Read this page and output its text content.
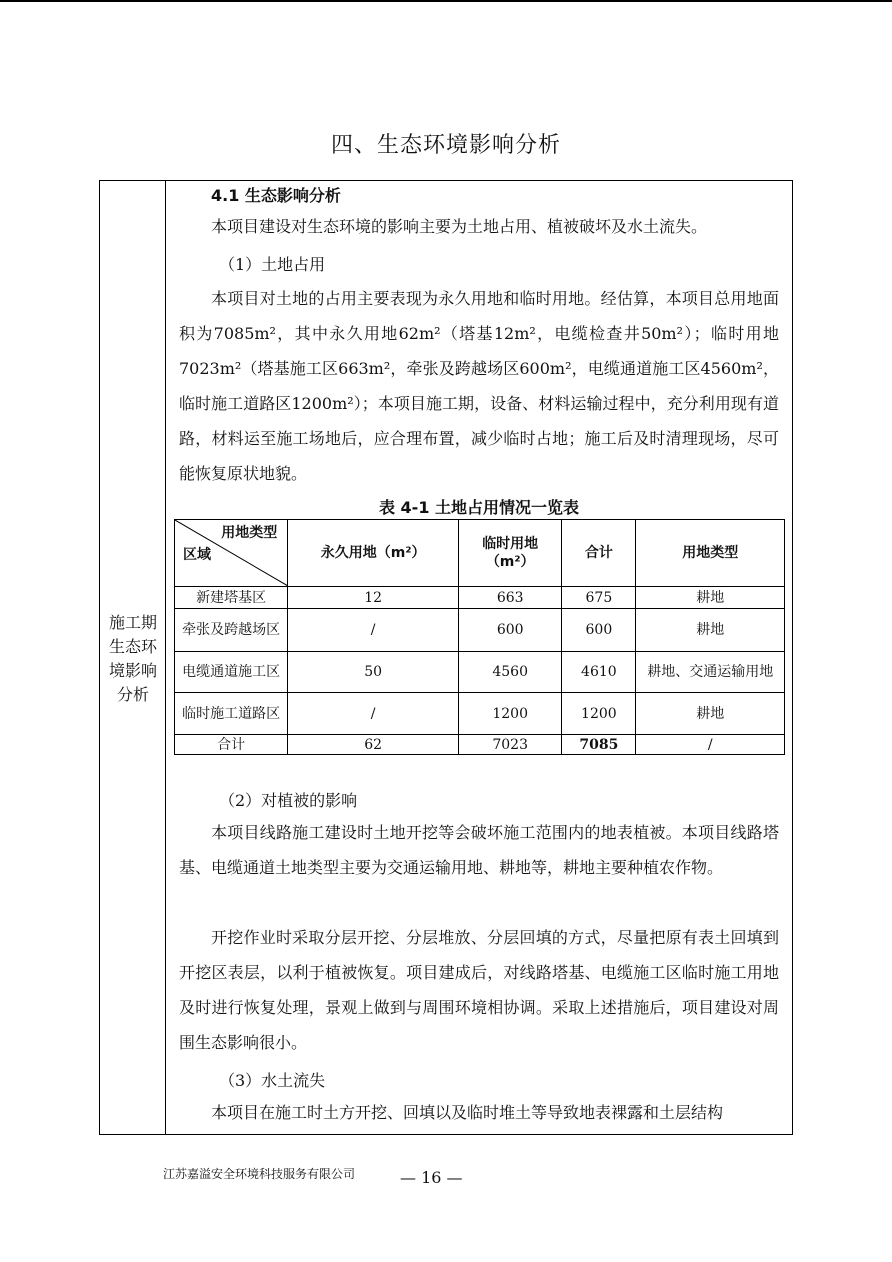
四、生态环境影响分析
施工期生态环境影响分析
4.1 生态影响分析

本项目建设对生态环境的影响主要为土地占用、植被破坏及水土流失。

（1）土地占用

本项目对土地的占用主要表现为永久用地和临时用地。经估算，本项目总用地面积为7085m²，其中永久用地62m²（塔基12m²，电缆检查井50m²）；临时用地7023m²（塔基施工区663m²，牵张及跨越场区600m²，电缆通道施工区4560m²，临时施工道路区1200m²）；本项目施工期，设备、材料运输过程中，充分利用现有道路，材料运至施工场地后，应合理布置，减少临时占地；施工后及时清理现场，尽可能恢复原状地貌。

表 4-1 土地占用情况一览表
用地类型
区域	永久用地（m²）	临时用地（m²）	合计	用地类型
新建塔基区	12	663	675	耕地

牵张及跨越场区	/	600	600	耕地

电缆通道施工区	50	4560	4610	耕地、交通运输用地

临时施工道路区	/	1200	1200	耕地
合计	62	7023	7085	/
（2）对植被的影响

本项目线路施工建设时土地开挖等会破坏施工范围内的地表植被。本项目线路塔基、电缆通道土地类型主要为交通运输用地、耕地等，耕地主要种植农作物。

开挖作业时采取分层开挖、分层堆放、分层回填的方式，尽量把原有表土回填到开挖区表层，以利于植被恢复。项目建成后，对线路塔基、电缆施工区临时施工用地及时进行恢复处理，景观上做到与周围环境相协调。采取上述措施后，项目建设对周围生态影响很小。

（3）水土流失

本项目在施工时土方开挖、回填以及临时堆土等导致地表裸露和土层结构

江苏嘉溢安全环境科技服务有限公司	— 16 —
